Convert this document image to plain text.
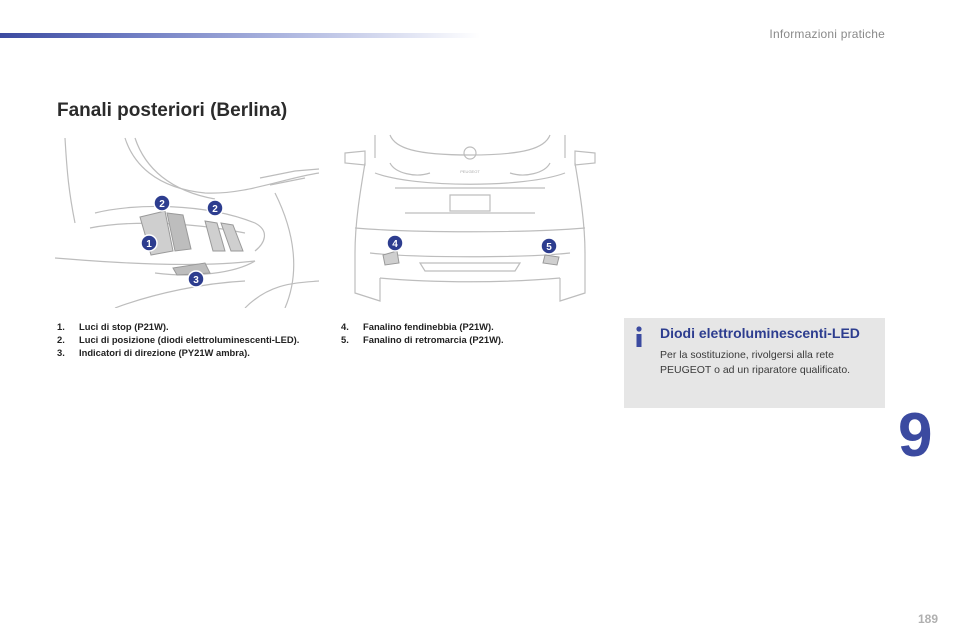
Informazioni pratiche
Fanali posteriori (Berlina)
1
2	2
3
PEUGEOT
4	5
1.	Luci di stop (P21W).
2.	Luci di posizione (diodi elettroluminescenti-LED).
3.	Indicatori di direzione (PY21W ambra).
4.	Fanalino fendinebbia (P21W).
5.	Fanalino di retromarcia (P21W).	Diodi elettroluminescenti-LED

Per la sostituzione, rivolgersi alla rete PEUGEOT o ad un riparatore qualificato.

9
189
